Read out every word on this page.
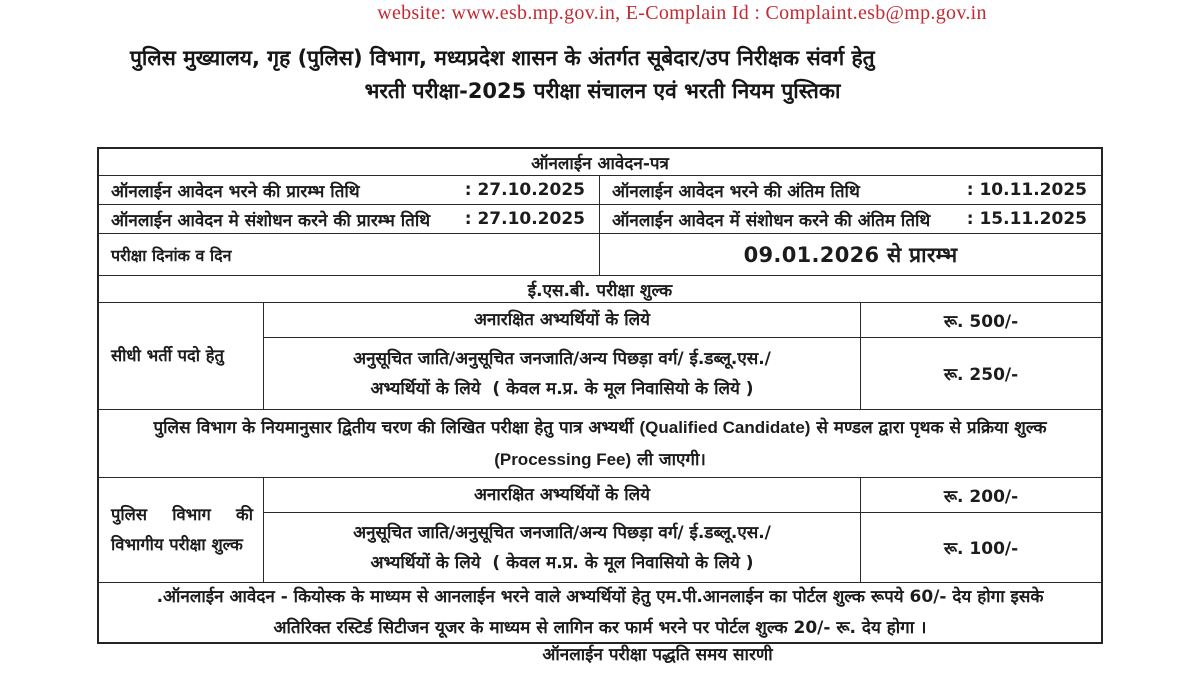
website: www.esb.mp.gov.in, E-Complain Id : Complaint.esb@mp.gov.in
पुलिस मुख्यालय, गृह (पुलिस) विभाग, मध्यप्रदेश शासन के अंतर्गत सूबेदार/उप निरीक्षक संवर्ग हेतु
भरती परीक्षा-2025 परीक्षा संचालन एवं भरती नियम पुस्तिका
ऑनलाईन आवेदन-पत्र
ऑनलाईन आवेदन भरने की प्रारम्भ तिथि	: 27.10.2025 ऑनलाईन आवेदन भरने की अंतिम तिथि	: 10.11.2025
ऑनलाईन आवेदन मे संशोधन करने की प्रारम्भ तिथि : 27.10.2025 ऑनलाईन आवेदन में संशोधन करने की अंतिम तिथि : 15.11.2025
परीक्षा दिनांक व दिन	09.01.2026 से प्रारम्भ
ई.एस.बी. परीक्षा शुल्क
सीधी भर्ती पदो हेतु
अनारक्षित अभ्यर्थियों के लिये	रू. 500/-
अनुसूचित जाति/अनुसूचित जनजाति/अन्य पिछड़ा वर्ग/ ई.डब्लू.एस./
अभ्यर्थियों के लिये  ( केवल म.प्र. के मूल निवासियो के लिये )
रू. 250/-
पुलिस विभाग के नियमानुसार द्वितीय चरण की लिखित परीक्षा हेतु पात्र अभ्यर्थी (Qualified Candidate) से मण्डल द्वारा पृथक से प्रक्रिया शुल्क
(Processing Fee) ली जाएगी।
पुलिस विभाग की विभागीय परीक्षा शुल्क
अनारक्षित अभ्यर्थियों के लिये	रू. 200/-
अनुसूचित जाति/अनुसूचित जनजाति/अन्य पिछड़ा वर्ग/ ई.डब्लू.एस./
अभ्यर्थियों के लिये  ( केवल म.प्र. के मूल निवासियो के लिये )
रू. 100/-
.ऑनलाईन आवेदन - कियोस्क के माध्यम से आनलाईन भरने वाले अभ्यर्थियों हेतु एम.पी.आनलाईन का पोर्टल शुल्क रूपये 60/- देय होगा इसके
अतिरिक्त रस्टिर्ड सिटीजन यूजर के माध्यम से लागिन कर फार्म भरने पर पोर्टल शुल्क 20/- रू. देय होगा ।
ऑनलाईन परीक्षा पद्धति समय सारणी
